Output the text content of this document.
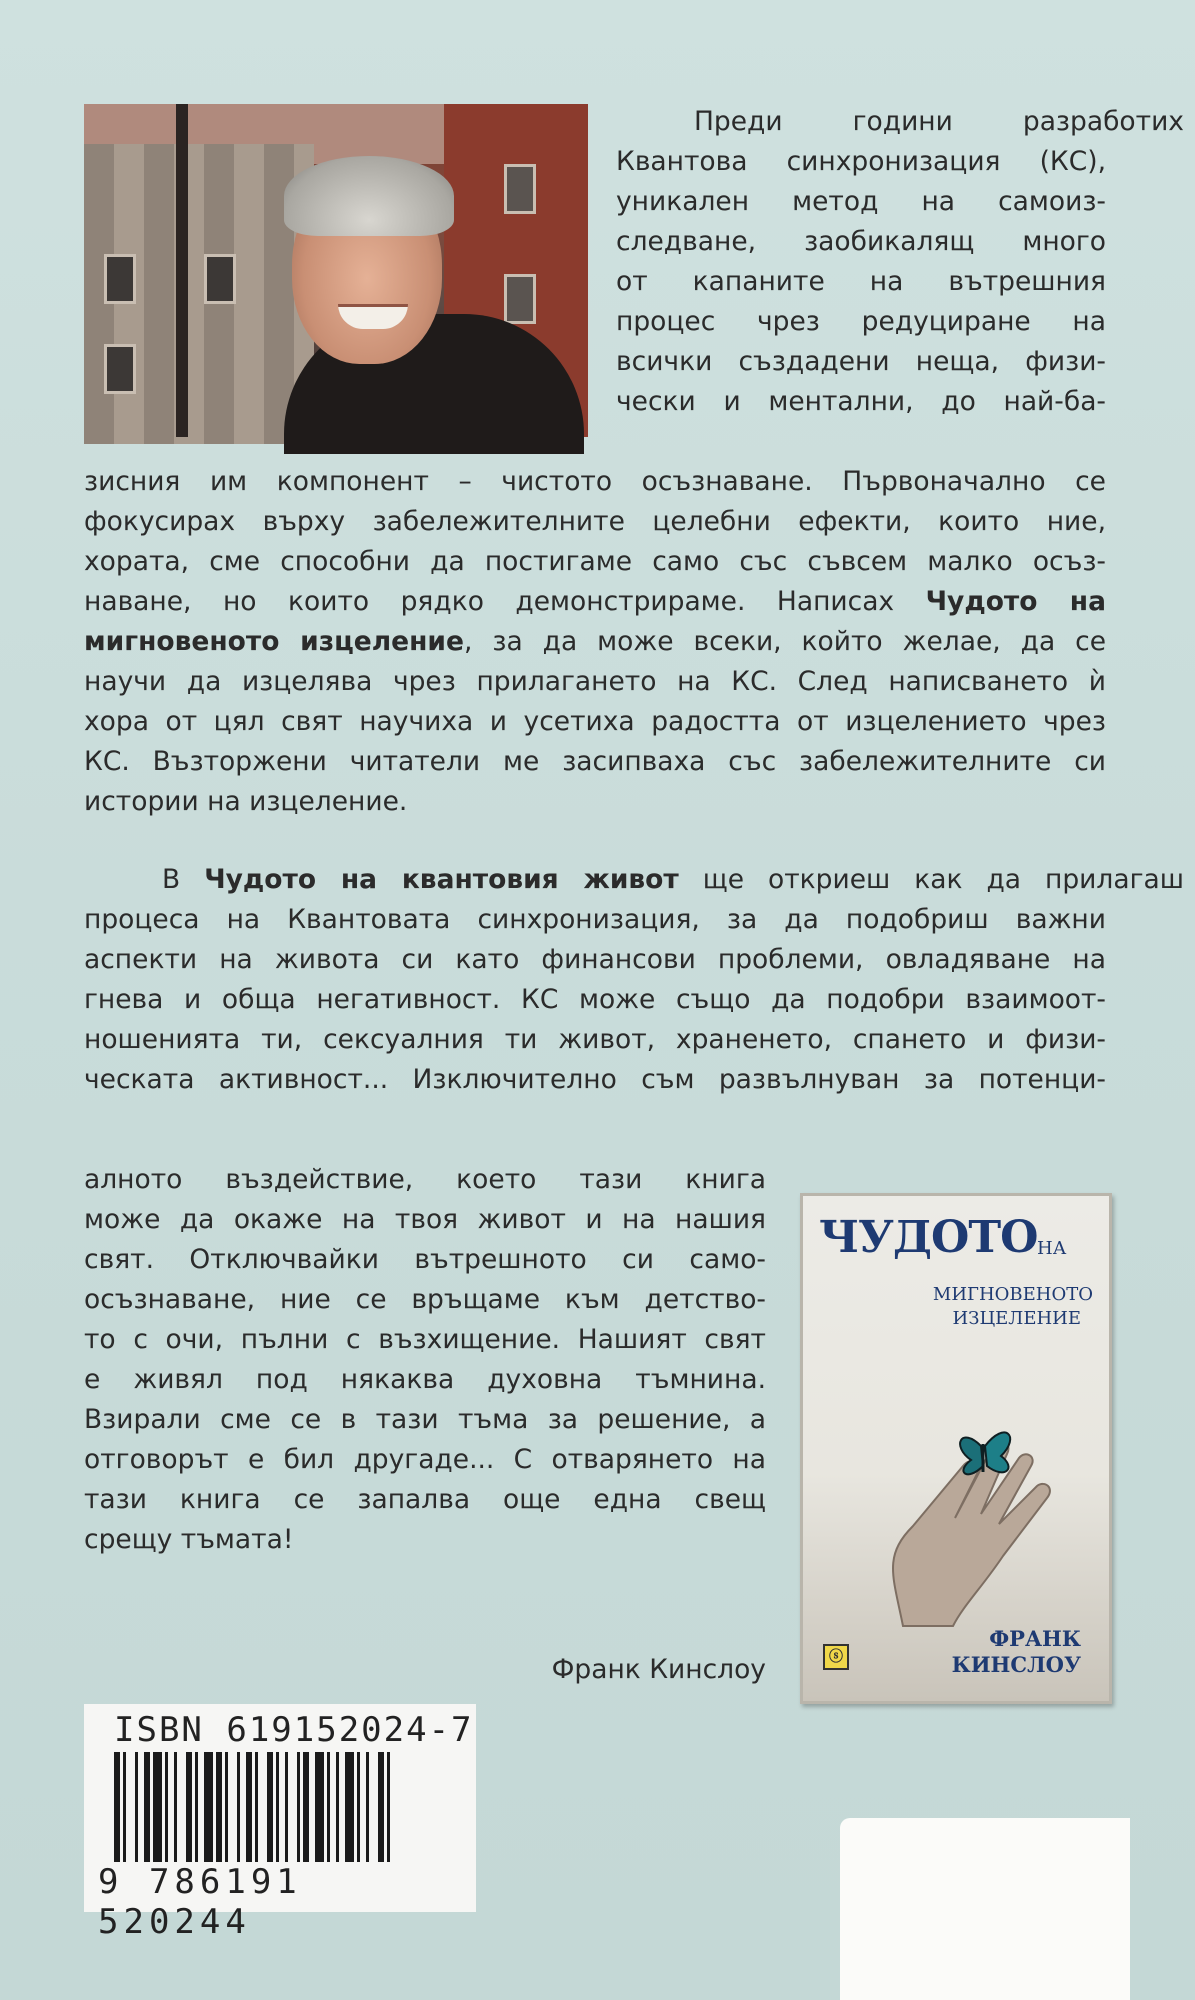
Преди години разработих
Квантова синхронизация (КС),
уникален метод на самоиз-
следване, заобикалящ много
от капаните на вътрешния
процес чрез редуциране на
всички създадени неща, физи-
чески и ментални, до най-ба-
зисния им компонент – чистото осъзнаване. Първоначално се
фокусирах върху забележителните целебни ефекти, които ние,
хората, сме способни да постигаме само със съвсем малко осъз-
наване, но които рядко демонстрираме. Написах Чудото на
мигновеното изцеление, за да може всеки, който желае, да се
научи да изцелява чрез прилагането на КС. След написването ѝ
хора от цял свят научиха и усетиха радостта от изцелението чрез
КС. Възторжени читатели ме засипваха със забележителните си
истории на изцеление.
В Чудото на квантовия живот ще откриеш как да прилагаш
процеса на Квантовата синхронизация, за да подобриш важни
аспекти на живота си като финансови проблеми, овладяване на
гнева и обща негативност. КС може също да подобри взаимоот-
ношенията ти, сексуалния ти живот, храненето, спането и физи-
ческата активност... Изключително съм развълнуван за потенци-
алното въздействие, което тази книга
може да окаже на твоя живот и на нашия
свят. Отключвайки вътрешното си само-
осъзнаване, ние се връщаме към детство-
то с очи, пълни с възхищение. Нашият свят
е живял под някаква духовна тъмнина.
Взирали сме се в тази тъма за решение, а
отговорът е бил другаде... С отварянето на
тази книга се запалва още една свещ
срещу тъмата!
Франк Кинслоу
ЧУДОТО НА
МИГНОВЕНОТО
ИЗЦЕЛЕНИЕ
ⓢ
ФРАНК
КИНСЛОУ
ISBN 619152024-7
9 786191 520244
